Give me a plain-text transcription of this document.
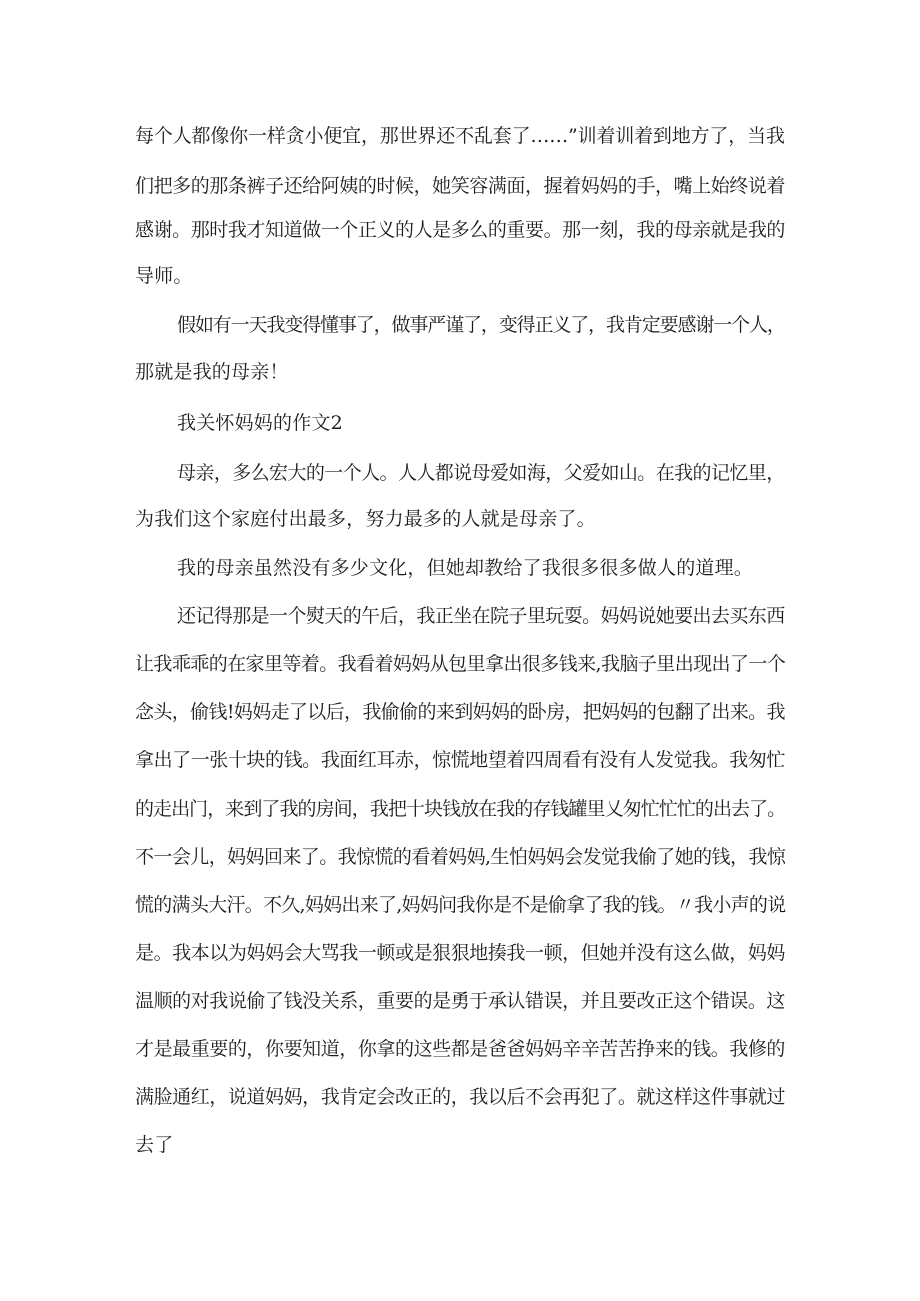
每个人都像你一样贪小便宜，那世界还不乱套了……”训着训着到地方了，当我
们把多的那条裤子还给阿姨的时候，她笑容满面，握着妈妈的手，嘴上始终说着
感谢。那时我才知道做一个正义的人是多么的重要。那一刻，我的母亲就是我的
导师。
假如有一天我变得懂事了，做事严谨了，变得正义了，我肯定要感谢一个人，
那就是我的母亲！
我关怀妈妈的作文2
母亲，多么宏大的一个人。人人都说母爱如海，父爱如山。在我的记忆里，
为我们这个家庭付出最多，努力最多的人就是母亲了。
我的母亲虽然没有多少文化，但她却教给了我很多很多做人的道理。
还记得那是一个熨天的午后，我正坐在院子里玩耍。妈妈说她要出去买东西
让我乖乖的在家里等着。我看着妈妈从包里拿出很多钱来,我脑子里出现出了一个
念头，偷钱!妈妈走了以后，我偷偷的来到妈妈的卧房，把妈妈的包翻了出来。我
拿出了一张十块的钱。我面红耳赤，惊慌地望着四周看有没有人发觉我。我匆忙
的走出门，来到了我的房间，我把十块钱放在我的存钱罐里乂匆忙忙忙的出去了。
不一会儿，妈妈回来了。我惊慌的看着妈妈,生怕妈妈会发觉我偷了她的钱，我惊
慌的满头大汗。不久,妈妈出来了,妈妈问我你是不是偷拿了我的钱。〃我小声的说
是。我本以为妈妈会大骂我一顿或是狠狠地揍我一顿，但她并没有这么做，妈妈
温顺的对我说偷了钱没关系，重要的是勇于承认错误，并且要改正这个错误。这
才是最重要的，你要知道，你拿的这些都是爸爸妈妈辛辛苦苦挣来的钱。我修的
满脸通红，说道妈妈，我肯定会改正的，我以后不会再犯了。就这样这件事就过
去了
